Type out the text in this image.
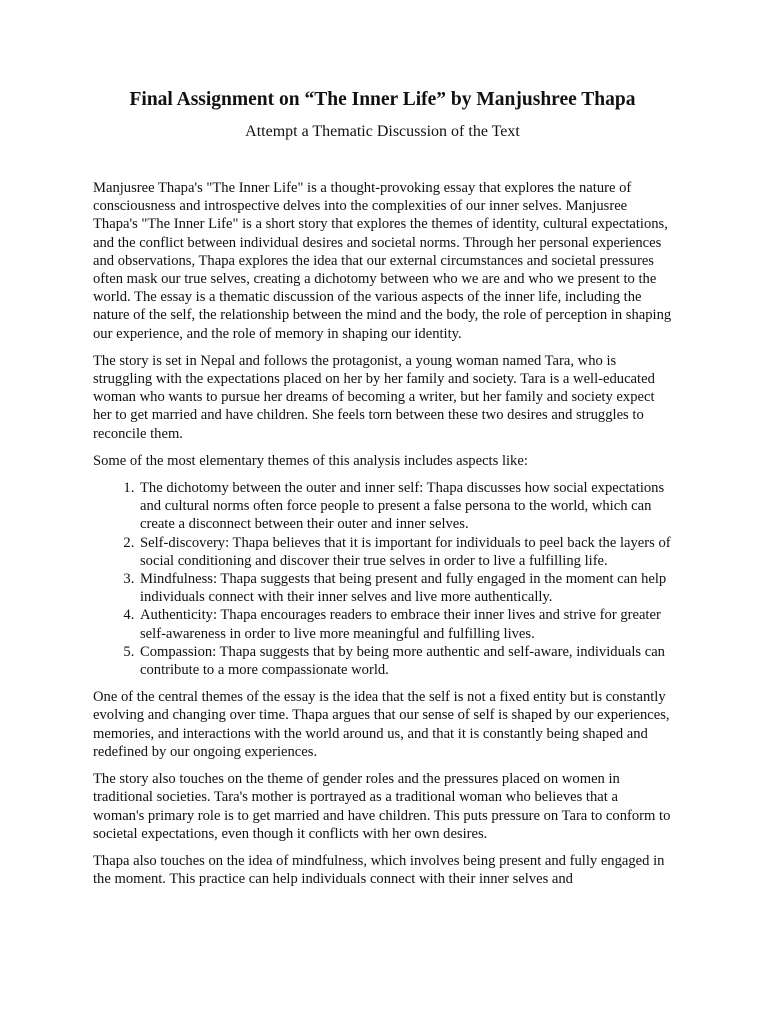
Final Assignment on “The Inner Life” by Manjushree Thapa
Attempt a Thematic Discussion of the Text

Manjusree Thapa's "The Inner Life" is a thought-provoking essay that explores the nature of consciousness and introspective delves into the complexities of our inner selves. Manjusree Thapa's "The Inner Life" is a short story that explores the themes of identity, cultural expectations, and the conflict between individual desires and societal norms. Through her personal experiences and observations, Thapa explores the idea that our external circumstances and societal pressures often mask our true selves, creating a dichotomy between who we are and who we present to the world. The essay is a thematic discussion of the various aspects of the inner life, including the nature of the self, the relationship between the mind and the body, the role of perception in shaping our experience, and the role of memory in shaping our identity.

The story is set in Nepal and follows the protagonist, a young woman named Tara, who is struggling with the expectations placed on her by her family and society. Tara is a well-educated woman who wants to pursue her dreams of becoming a writer, but her family and society expect her to get married and have children. She feels torn between these two desires and struggles to reconcile them.

Some of the most elementary themes of this analysis includes aspects like:

1. The dichotomy between the outer and inner self: Thapa discusses how social expectations and cultural norms often force people to present a false persona to the world, which can create a disconnect between their outer and inner selves.
2. Self-discovery: Thapa believes that it is important for individuals to peel back the layers of social conditioning and discover their true selves in order to live a fulfilling life.
3. Mindfulness: Thapa suggests that being present and fully engaged in the moment can help individuals connect with their inner selves and live more authentically.
4. Authenticity: Thapa encourages readers to embrace their inner lives and strive for greater self-awareness in order to live more meaningful and fulfilling lives.
5. Compassion: Thapa suggests that by being more authentic and self-aware, individuals can contribute to a more compassionate world.

One of the central themes of the essay is the idea that the self is not a fixed entity but is constantly evolving and changing over time. Thapa argues that our sense of self is shaped by our experiences, memories, and interactions with the world around us, and that it is constantly being shaped and redefined by our ongoing experiences.

The story also touches on the theme of gender roles and the pressures placed on women in traditional societies. Tara's mother is portrayed as a traditional woman who believes that a woman's primary role is to get married and have children. This puts pressure on Tara to conform to societal expectations, even though it conflicts with her own desires.

Thapa also touches on the idea of mindfulness, which involves being present and fully engaged in the moment. This practice can help individuals connect with their inner selves and
